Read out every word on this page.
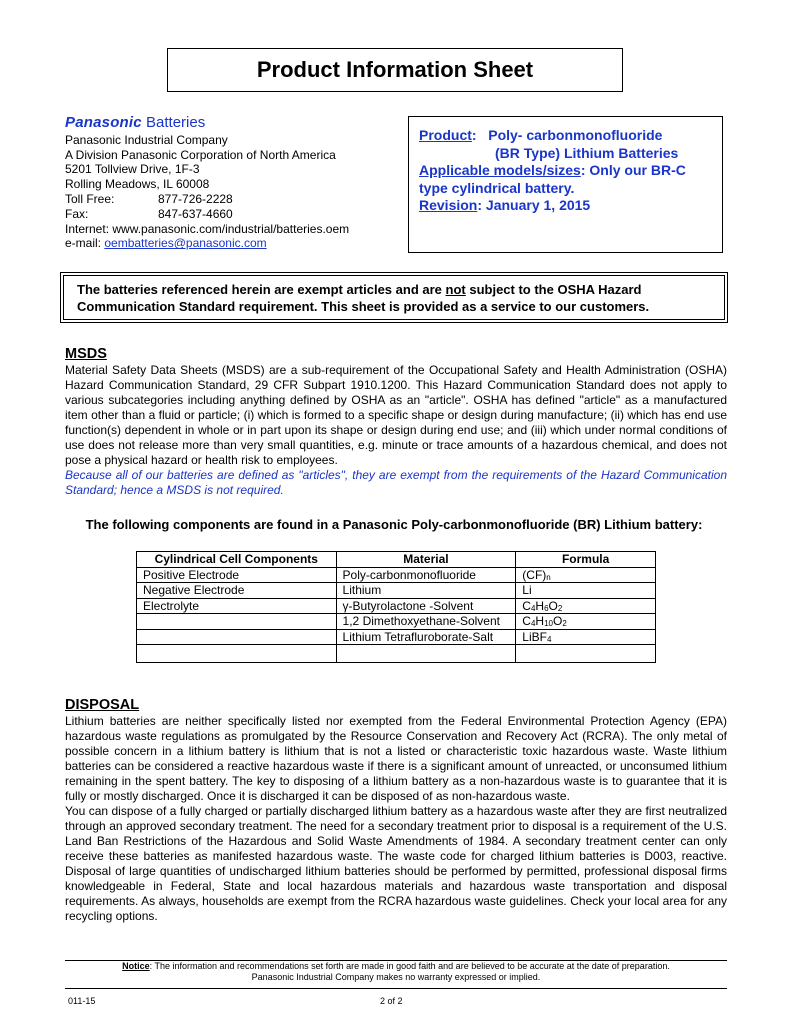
Product Information Sheet
Panasonic Batteries
Panasonic Industrial Company
A Division Panasonic Corporation of North America
5201 Tollview Drive, 1F-3
Rolling Meadows, IL 60008
Toll Free:	877-726-2228
Fax:	847-637-4660
Internet: www.panasonic.com/industrial/batteries.oem
e-mail: oembatteries@panasonic.com
Product:   Poly- carbonmonofluoride
(BR Type) Lithium Batteries
Applicable models/sizes: Only our BR-C type cylindrical battery.
Revision: January 1, 2015
The batteries referenced herein are exempt articles and are not subject to the OSHA Hazard Communication Standard requirement. This sheet is provided as a service to our customers.
MSDS
Material Safety Data Sheets (MSDS) are a sub-requirement of the Occupational Safety and Health Administration (OSHA) Hazard Communication Standard, 29 CFR Subpart 1910.1200. This Hazard Communication Standard does not apply to various subcategories including anything defined by OSHA as an "article". OSHA has defined "article" as a manufactured item other than a fluid or particle; (i) which is formed to a specific shape or design during manufacture; (ii) which has end use function(s) dependent in whole or in part upon its shape or design during end use; and (iii) which under normal conditions of use does not release more than very small quantities, e.g. minute or trace amounts of a hazardous chemical, and does not pose a physical hazard or health risk to employees.
Because all of our batteries are defined as "articles", they are exempt from the requirements of the Hazard Communication Standard; hence a MSDS is not required.
The following components are found in a Panasonic Poly-carbonmonofluoride (BR) Lithium battery:
Cylindrical Cell Components	Material	Formula
Positive Electrode	Poly-carbonmonofluoride	$(CF)_n$
Negative Electrode	Lithium	Li
Electrolyte	γ-Butyrolactone -Solvent	$C_4H_6O_2$
	1,2 Dimethoxyethane-Solvent	$C_4H_{10}O_2$
	Lithium Tetrafluroborate-Salt	LiBF$_4$

DISPOSAL
Lithium batteries are neither specifically listed nor exempted from the Federal Environmental Protection Agency (EPA) hazardous waste regulations as promulgated by the Resource Conservation and Recovery Act (RCRA). The only metal of possible concern in a lithium battery is lithium that is not a listed or characteristic toxic hazardous waste. Waste lithium batteries can be considered a reactive hazardous waste if there is a significant amount of unreacted, or unconsumed lithium remaining in the spent battery. The key to disposing of a lithium battery as a non-hazardous waste is to guarantee that it is fully or mostly discharged. Once it is discharged it can be disposed of as non-hazardous waste.
You can dispose of a fully charged or partially discharged lithium battery as a hazardous waste after they are first neutralized through an approved secondary treatment. The need for a secondary treatment prior to disposal is a requirement of the U.S. Land Ban Restrictions of the Hazardous and Solid Waste Amendments of 1984. A secondary treatment center can only receive these batteries as manifested hazardous waste. The waste code for charged lithium batteries is D003, reactive. Disposal of large quantities of undischarged lithium batteries should be performed by permitted, professional disposal firms knowledgeable in Federal, State and local hazardous materials and hazardous waste transportation and disposal requirements. As always, households are exempt from the RCRA hazardous waste guidelines. Check your local area for any recycling options.
Notice: The information and recommendations set forth are made in good faith and are believed to be accurate at the date of preparation.
Panasonic Industrial Company makes no warranty expressed or implied.
011-15	2 of 2
